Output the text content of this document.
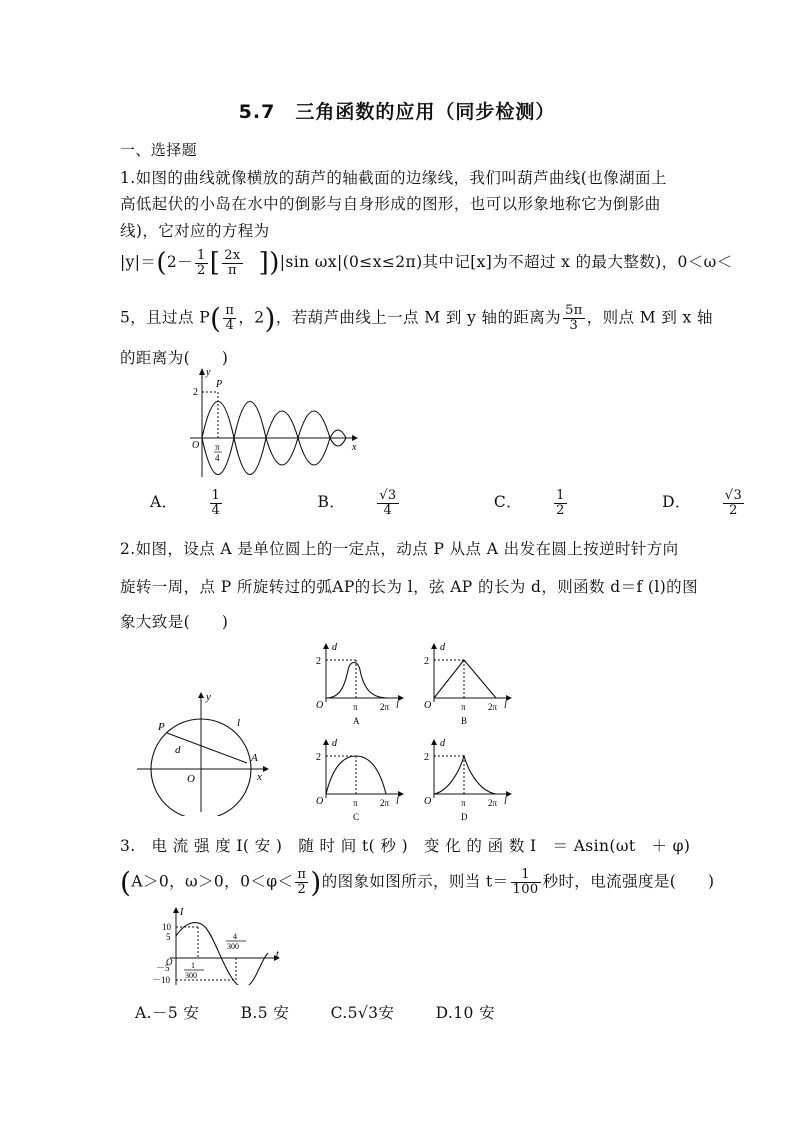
5.7　三角函数的应用（同步检测）
一、选择题
1.如图的曲线就像横放的葫芦的轴截面的边缘线，我们叫葫芦曲线(也像湖面上
高低起伏的小岛在水中的倒影与自身形成的图形，也可以形象地称它为倒影曲
线)，它对应的方程为
$|y|=(2- \frac{1}{2}$ [ $\frac{2x}{\pi} ])|\sin$ ωx|(0≤x≤2π)其中记[x]为不超过 x 的最大整数)，0＜ω＜
5，且过点 $P( \frac{\pi}{4}$ ，2)，若葫芦曲线上一点 M 到 y 轴的距离为 $\frac{5\pi}{3}$ ，则点 M 到 x 轴
的距离为(　　)
y
P
2
O π
4
x
A． $\frac{1}{4}$	B． $\frac{√3}{4}$	C． $\frac{1}{2}$	D． $\frac{√3}{2}$
2.如图，设点 A 是单位圆上的一定点，动点 P 从点 A 出发在圆上按逆时针方向
旋转一周，点 P 所旋转过的弧AP的长为 l，弦 AP 的长为 d，则函数 d＝f (l)的图
象大致是(　　)
y
P	l
d
A
x
O
d
2
O	π 2π l
A
d
2
O	π 2π l
B
d
2
O	π 2π l
C
d
2
O	π 2π l
D
3.　电 流 强 度 I( 安 )　随 时 间 t( 秒 )　变 化 的 函 数 I　＝ Asin(ωt　＋ φ)
(A＞0，ω＞0，$0<\varphi< \frac{\pi}{2}$ )的图象如图所示，则当 $t= \frac{1}{100}$ 秒时，电流强度是(　　)
I
10
5
O
－5
－10
t
1
300
4
300
A.－5 安	B.5 安	C.5√3安	D.10 安
